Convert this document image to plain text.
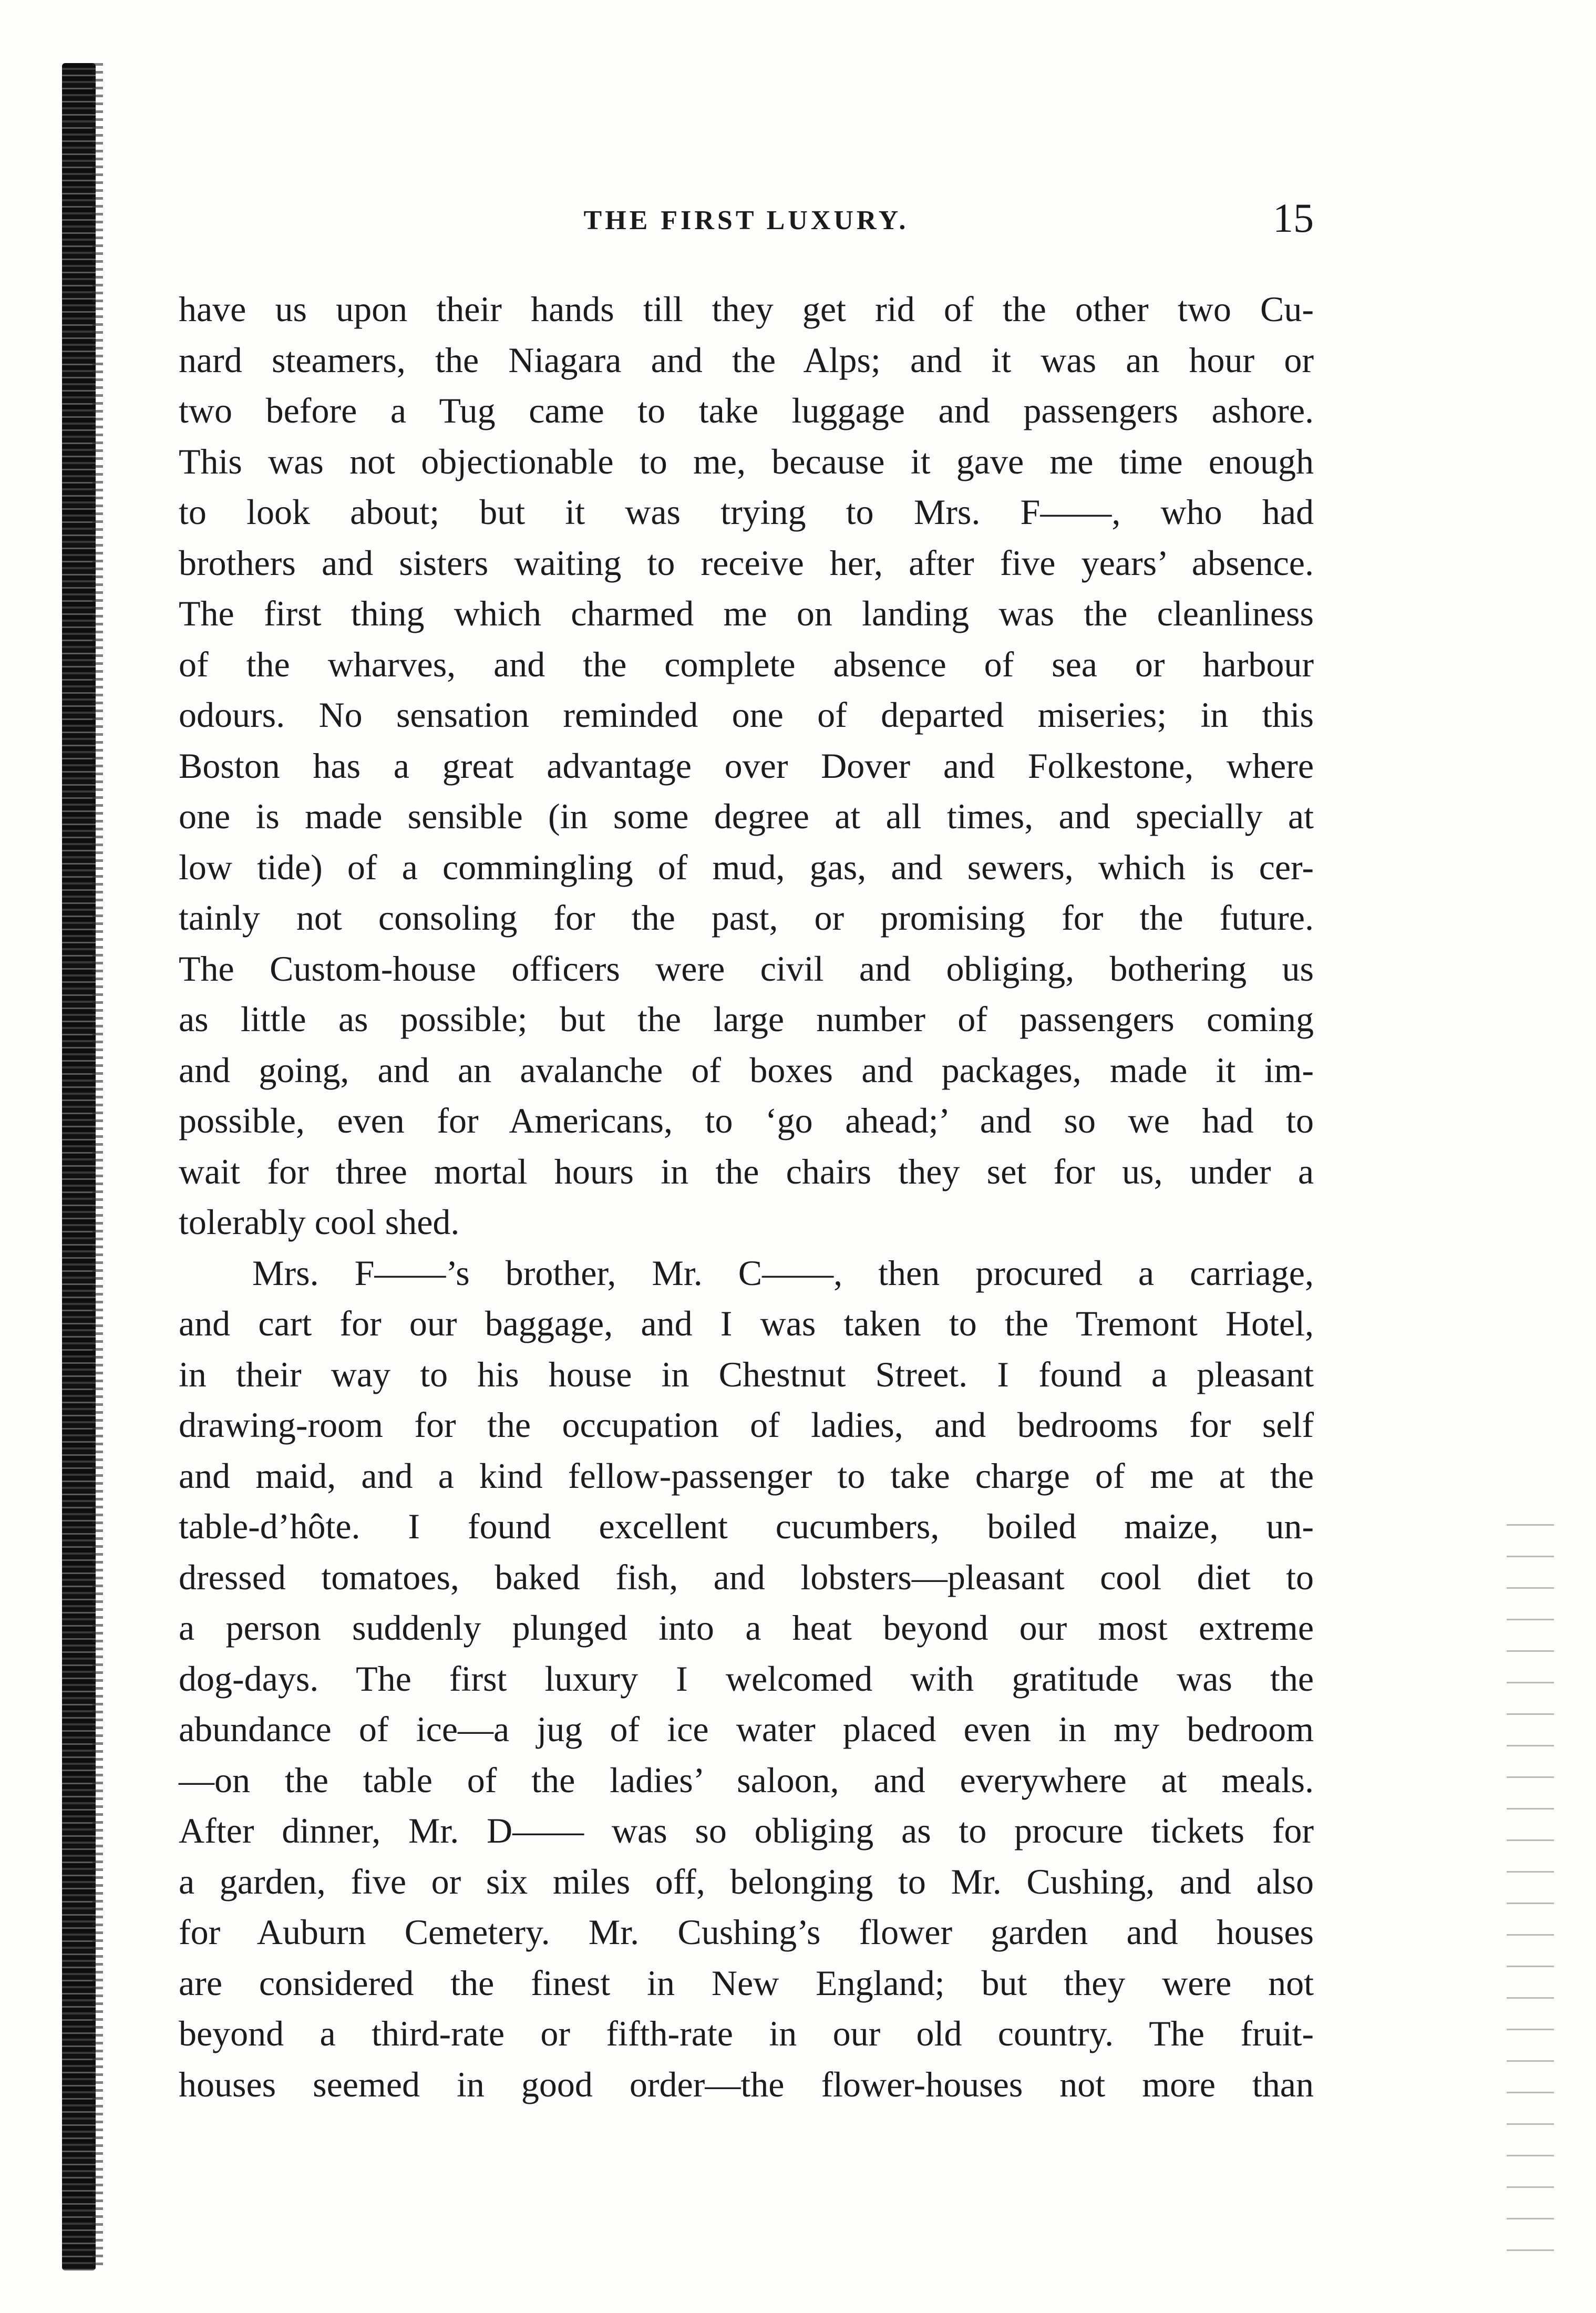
THE FIRST LUXURY.	15
have us upon their hands till they get rid of the other two Cu-
nard steamers, the Niagara and the Alps; and it was an hour or
two before a Tug came to take luggage and passengers ashore.
This was not objectionable to me, because it gave me time enough
to look about; but it was trying to Mrs. F——, who had
brothers and sisters waiting to receive her, after five years’ absence.
The first thing which charmed me on landing was the cleanliness
of the wharves, and the complete absence of sea or harbour
odours. No sensation reminded one of departed miseries; in this
Boston has a great advantage over Dover and Folkestone, where
one is made sensible (in some degree at all times, and specially at
low tide) of a commingling of mud, gas, and sewers, which is cer-
tainly not consoling for the past, or promising for the future.
The Custom-house officers were civil and obliging, bothering us
as little as possible; but the large number of passengers coming
and going, and an avalanche of boxes and packages, made it im-
possible, even for Americans, to ‘go ahead;’ and so we had to
wait for three mortal hours in the chairs they set for us, under a
tolerably cool shed.
Mrs. F——’s brother, Mr. C——, then procured a carriage,
and cart for our baggage, and I was taken to the Tremont Hotel,
in their way to his house in Chestnut Street. I found a pleasant
drawing-room for the occupation of ladies, and bedrooms for self
and maid, and a kind fellow-passenger to take charge of me at the
table-d’hôte. I found excellent cucumbers, boiled maize, un-
dressed tomatoes, baked fish, and lobsters—pleasant cool diet to
a person suddenly plunged into a heat beyond our most extreme
dog-days. The first luxury I welcomed with gratitude was the
abundance of ice—a jug of ice water placed even in my bedroom
—on the table of the ladies’ saloon, and everywhere at meals.
After dinner, Mr. D—— was so obliging as to procure tickets for
a garden, five or six miles off, belonging to Mr. Cushing, and also
for Auburn Cemetery. Mr. Cushing’s flower garden and houses
are considered the finest in New England; but they were not
beyond a third-rate or fifth-rate in our old country. The fruit-
houses seemed in good order—the flower-houses not more than
